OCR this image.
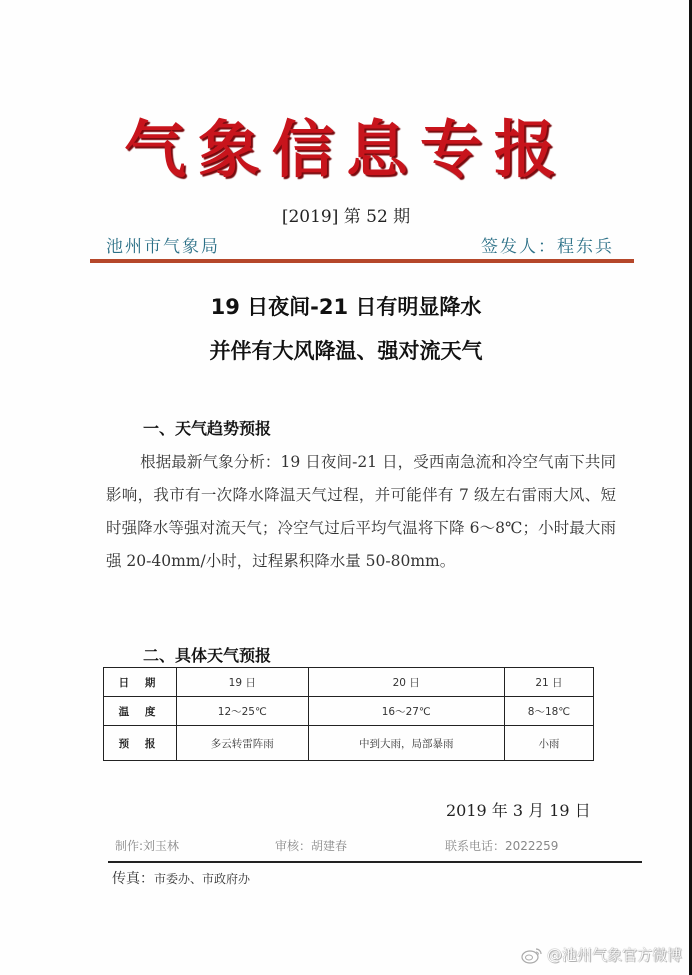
气象信息专报
[2019] 第 52 期
池州市气象局	签发人：程东兵
19 日夜间-21 日有明显降水
并伴有大风降温、强对流天气
一、天气趋势预报
根据最新气象分析：19 日夜间-21 日，受西南急流和冷空气南下共同影响，我市有一次降水降温天气过程，并可能伴有 7 级左右雷雨大风、短时强降水等强对流天气；冷空气过后平均气温将下降 6～8℃；小时最大雨强 20-40mm/小时，过程累积降水量 50-80mm。
二、具体天气预报
日 期	19 日	20 日	21 日
温 度	12～25℃	16～27℃	8～18℃
预 报	多云转雷阵雨	中到大雨，局部暴雨	小雨
2019 年 3 月 19 日
制作:刘玉林	审核：胡建春	联系电话：2022259
传真：市委办、市政府办
@池州气象官方微博
